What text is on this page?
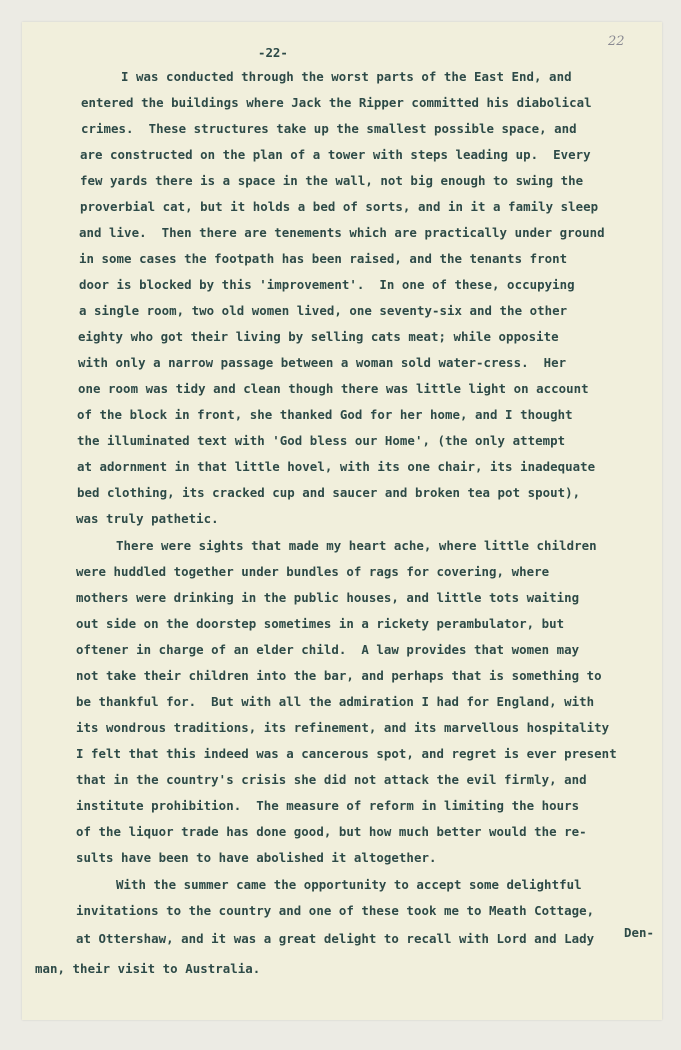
22
-22-
I was conducted through the worst parts of the East End, and
entered the buildings where Jack the Ripper committed his diabolical
crimes.  These structures take up the smallest possible space, and
are constructed on the plan of a tower with steps leading up.  Every
few yards there is a space in the wall, not big enough to swing the
proverbial cat, but it holds a bed of sorts, and in it a family sleep
and live.  Then there are tenements which are practically under ground
in some cases the footpath has been raised, and the tenants front
door is blocked by this 'improvement'.  In one of these, occupying
a single room, two old women lived, one seventy-six and the other
eighty who got their living by selling cats meat; while opposite
with only a narrow passage between a woman sold water-cress.  Her
one room was tidy and clean though there was little light on account
of the block in front, she thanked God for her home, and I thought
the illuminated text with 'God bless our Home', (the only attempt
at adornment in that little hovel, with its one chair, its inadequate
bed clothing, its cracked cup and saucer and broken tea pot spout),
was truly pathetic.
There were sights that made my heart ache, where little children
were huddled together under bundles of rags for covering, where
mothers were drinking in the public houses, and little tots waiting
out side on the doorstep sometimes in a rickety perambulator, but
oftener in charge of an elder child.  A law provides that women may
not take their children into the bar, and perhaps that is something to
be thankful for.  But with all the admiration I had for England, with
its wondrous traditions, its refinement, and its marvellous hospitality
I felt that this indeed was a cancerous spot, and regret is ever present
that in the country's crisis she did not attack the evil firmly, and
institute prohibition.  The measure of reform in limiting the hours
of the liquor trade has done good, but how much better would the re-
sults have been to have abolished it altogether.
With the summer came the opportunity to accept some delightful
invitations to the country and one of these took me to Meath Cottage,
at Ottershaw, and it was a great delight to recall with Lord and Lady Den-
man, their visit to Australia.
